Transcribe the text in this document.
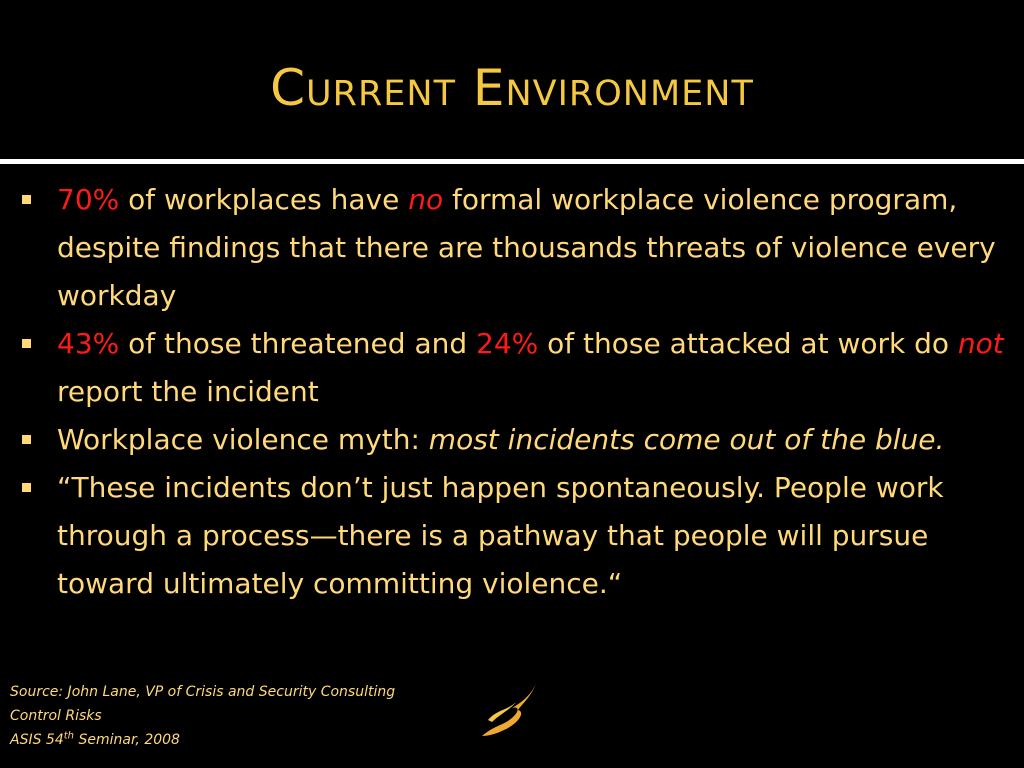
Current Environment
70% of workplaces have no formal workplace violence program, despite findings that there are thousands threats of violence every workday
43% of those threatened and 24% of those attacked at work do not report the incident
Workplace violence myth: most incidents come out of the blue.
“These incidents don’t just happen spontaneously. People work through a process—there is a pathway that people will pursue toward ultimately committing violence.“
Source: John Lane, VP of Crisis and Security Consulting
Control Risks
ASIS 54th Seminar, 2008
